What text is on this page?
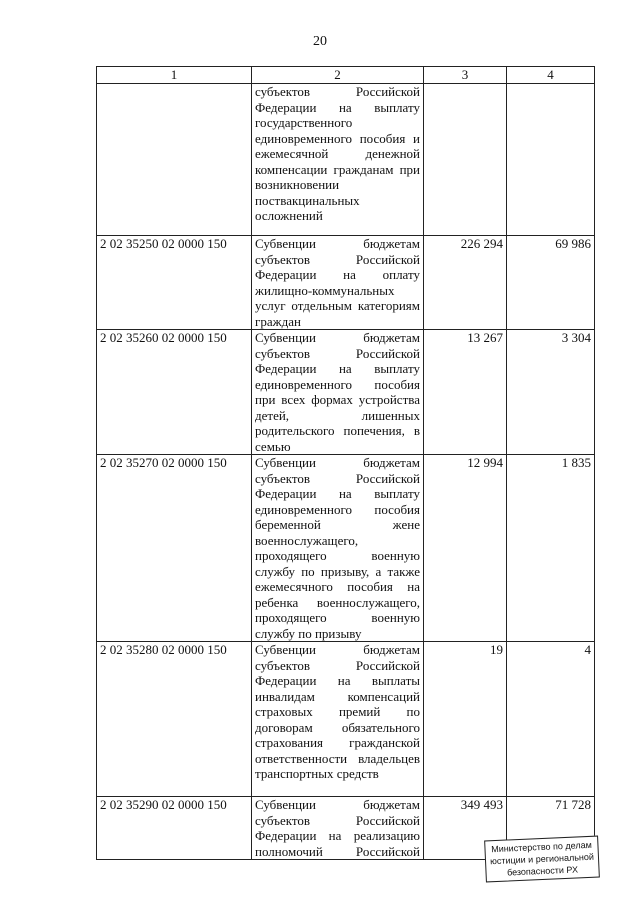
20
1	2	3	4

	субъектов Российской Федерации на выплату государственного единовременного пособия и ежемесячной денежной компенсации гражданам при возникновении поствакцинальных осложнений		

2 02 35250 02 0000 150	Субвенции бюджетам субъектов Российской Федерации на оплату жилищно-коммунальных услуг отдельным категориям граждан	226 294	69 986
2 02 35260 02 0000 150	Субвенции бюджетам субъектов Российской Федерации на выплату единовременного пособия при всех формах устройства детей, лишенных родительского попечения, в семью	13 267	3 304
2 02 35270 02 0000 150	Субвенции бюджетам субъектов Российской Федерации на выплату единовременного пособия беременной жене военнослужащего, проходящего военную службу по призыву, а также ежемесячного пособия на ребенка военнослужащего, проходящего военную службу по призыву	12 994	1 835
2 02 35280 02 0000 150	Субвенции бюджетам субъектов Российской Федерации на выплаты инвалидам компенсаций страховых премий по договорам обязательного страхования гражданской ответственности владельцев транспортных средств	19	4
2 02 35290 02 0000 150	Субвенции бюджетам субъектов Российской Федерации на реализацию полномочий Российской	349 493	71 728
Министерство по делам
юстиции и региональной
безопасности РХ
